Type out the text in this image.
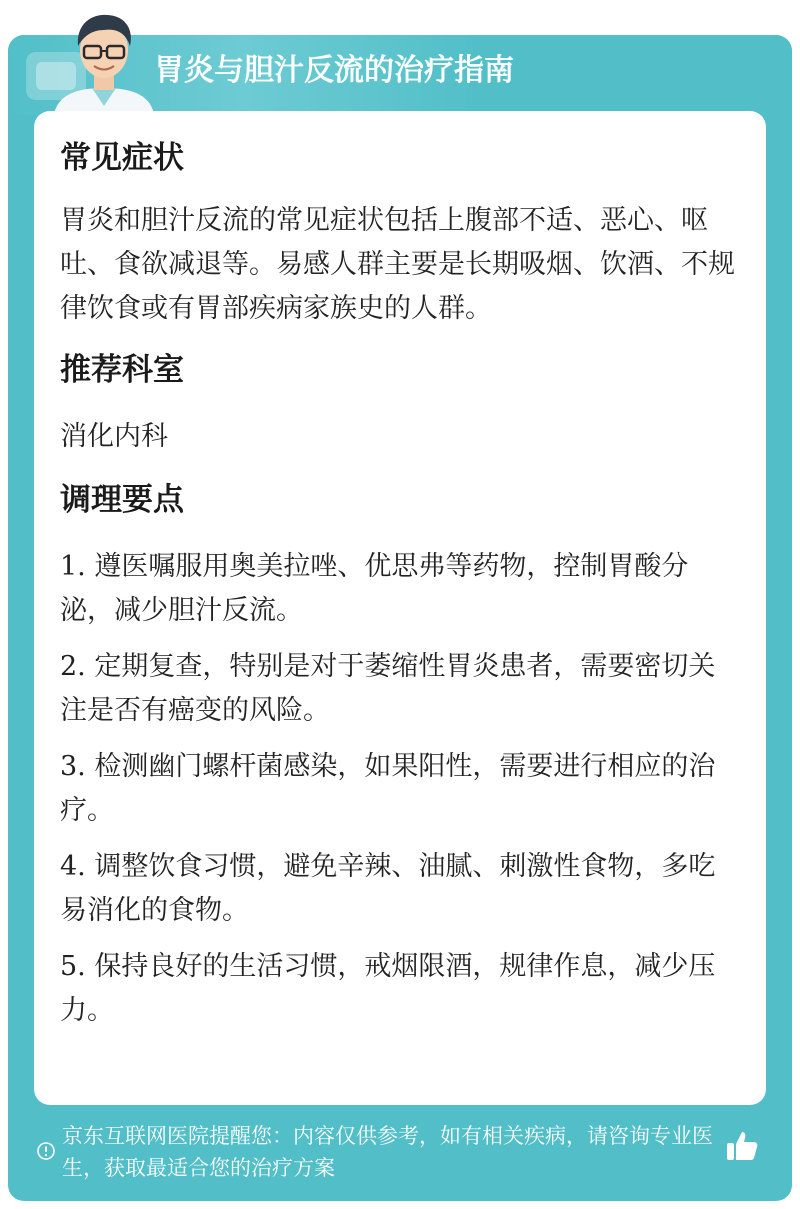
胃炎与胆汁反流的治疗指南
常见症状

胃炎和胆汁反流的常见症状包括上腹部不适、恶心、呕吐、食欲减退等。易感人群主要是长期吸烟、饮酒、不规律饮食或有胃部疾病家族史的人群。

推荐科室

消化内科

调理要点

1. 遵医嘱服用奥美拉唑、优思弗等药物，控制胃酸分泌，减少胆汁反流。

2. 定期复查，特别是对于萎缩性胃炎患者，需要密切关注是否有癌变的风险。

3. 检测幽门螺杆菌感染，如果阳性，需要进行相应的治疗。

4. 调整饮食习惯，避免辛辣、油腻、刺激性食物，多吃易消化的食物。

5. 保持良好的生活习惯，戒烟限酒，规律作息，减少压力。

京东互联网医院提醒您：内容仅供参考，如有相关疾病，请咨询专业医生，获取最适合您的治疗方案
